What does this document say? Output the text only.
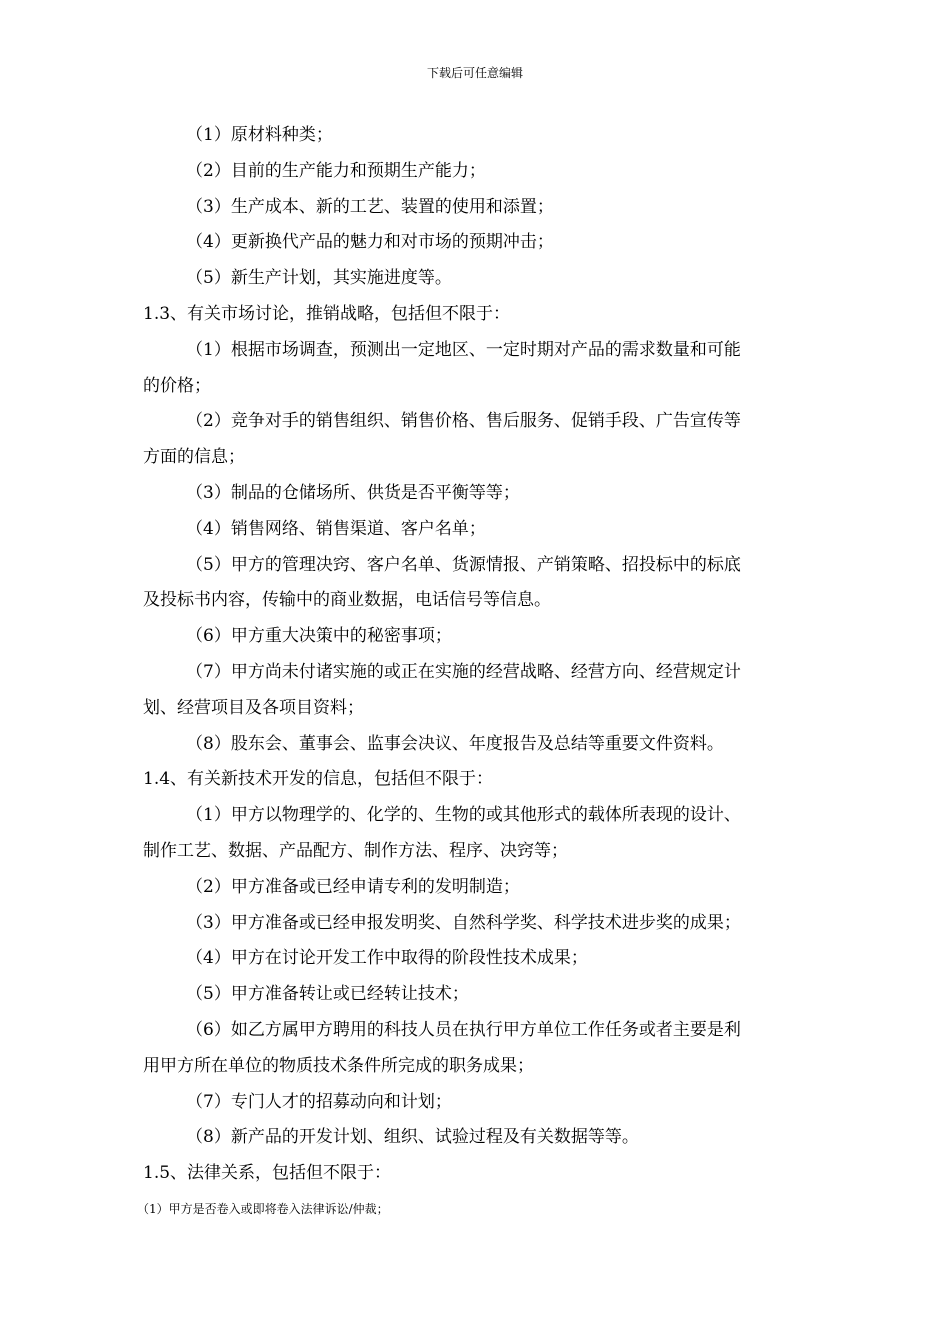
下载后可任意编辑
（1）原材料种类；
（2）目前的生产能力和预期生产能力；
（3）生产成本、新的工艺、装置的使用和添置；
（4）更新换代产品的魅力和对市场的预期冲击；
（5）新生产计划，其实施进度等。
1.3、有关市场讨论，推销战略，包括但不限于：
（1）根据市场调查，预测出一定地区、一定时期对产品的需求数量和可能
的价格；
（2）竞争对手的销售组织、销售价格、售后服务、促销手段、广告宣传等
方面的信息；
（3）制品的仓储场所、供货是否平衡等等；
（4）销售网络、销售渠道、客户名单；
（5）甲方的管理决窍、客户名单、货源情报、产销策略、招投标中的标底
及投标书内容，传输中的商业数据，电话信号等信息。
（6）甲方重大决策中的秘密事项；
（7）甲方尚未付诸实施的或正在实施的经营战略、经营方向、经营规定计
划、经营项目及各项目资料；
（8）股东会、董事会、监事会决议、年度报告及总结等重要文件资料。
1.4、有关新技术开发的信息，包括但不限于：
（1）甲方以物理学的、化学的、生物的或其他形式的载体所表现的设计、
制作工艺、数据、产品配方、制作方法、程序、决窍等；
（2）甲方准备或已经申请专利的发明制造；
（3）甲方准备或已经申报发明奖、自然科学奖、科学技术进步奖的成果；
（4）甲方在讨论开发工作中取得的阶段性技术成果；
（5）甲方准备转让或已经转让技术；
（6）如乙方属甲方聘用的科技人员在执行甲方单位工作任务或者主要是利
用甲方所在单位的物质技术条件所完成的职务成果；
（7）专门人才的招募动向和计划；
（8）新产品的开发计划、组织、试验过程及有关数据等等。
1.5、法律关系，包括但不限于：
（1）甲方是否卷入或即将卷入法律诉讼/仲裁；
